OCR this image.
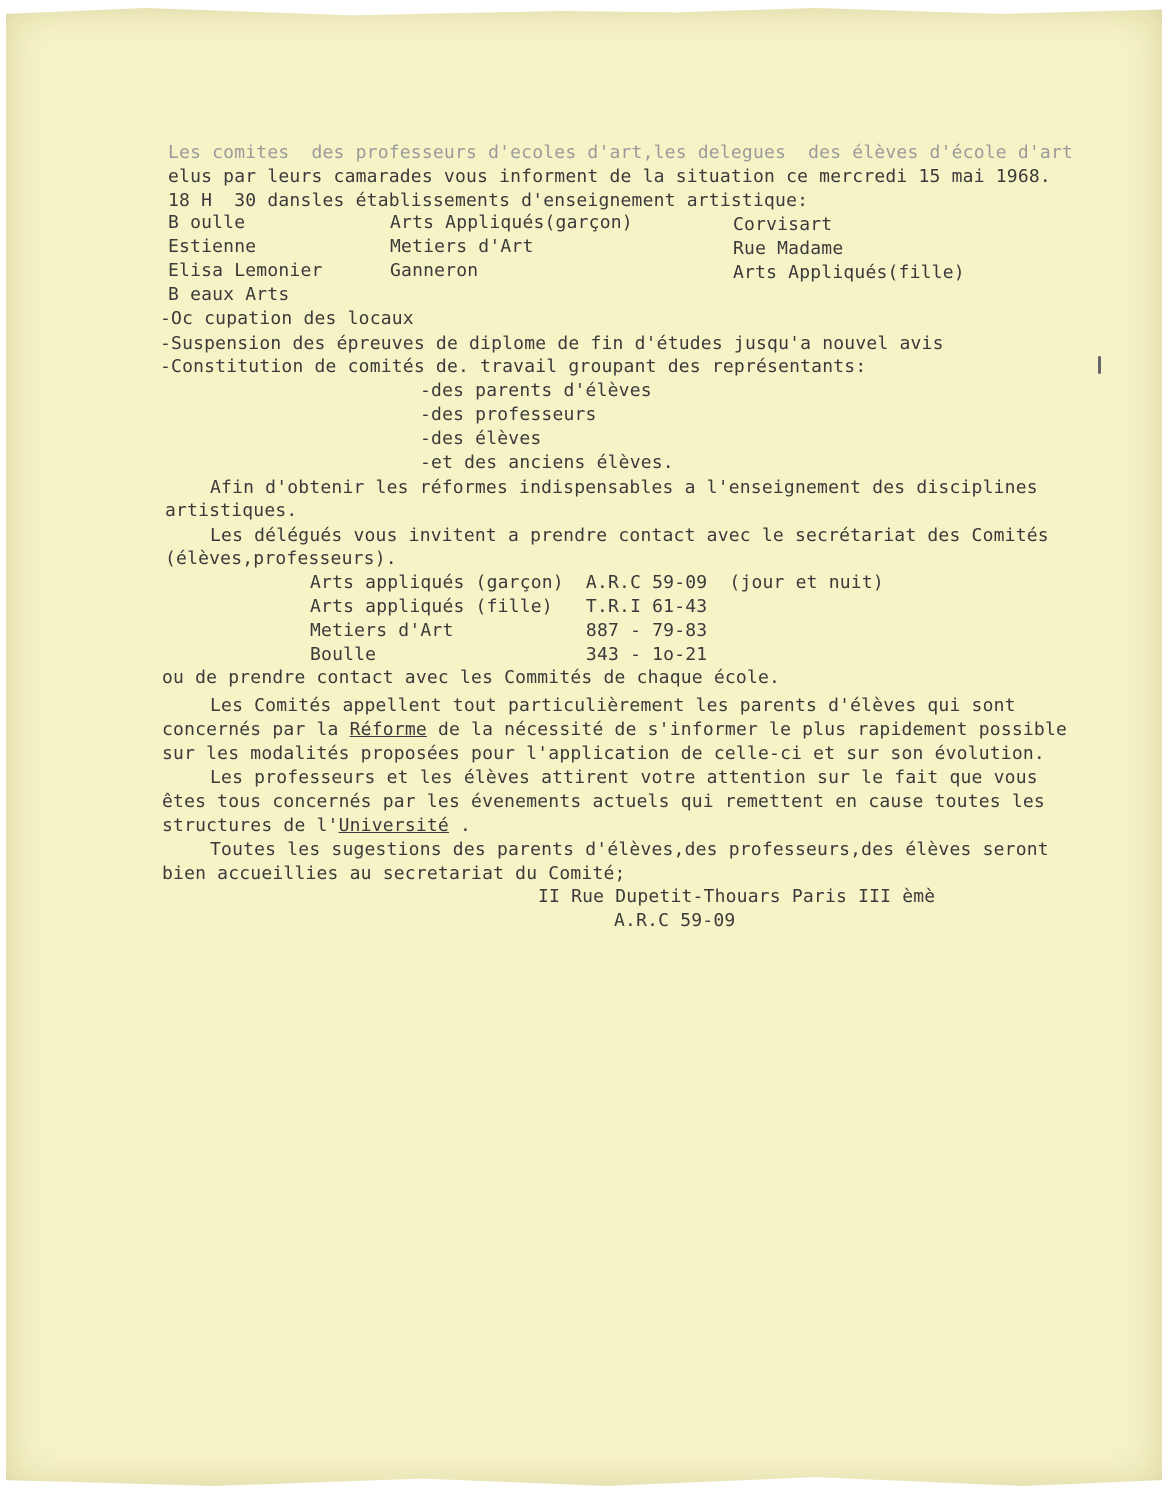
Les comites  des professeurs d'ecoles d'art,les delegues  des élèves d'école d'art
elus par leurs camarades vous informent de la situation ce mercredi 15 mai 1968.
18 H  30 dansles établissements d'enseignement artistique:
B oulle	Arts Appliqués(garçon)	Corvisart
Estienne	Metiers d'Art	Rue Madame
Elisa Lemonier	Ganneron	Arts Appliqués(fille)
B eaux Arts
-Oc cupation des locaux
-Suspension des épreuves de diplome de fin d'études jusqu'a nouvel avis
-Constitution de comités de. travail groupant des représentants:
-des parents d'élèves
-des professeurs
-des élèves
-et des anciens élèves.
Afin d'obtenir les réformes indispensables a l'enseignement des disciplines
artistiques.
Les délégués vous invitent a prendre contact avec le secrétariat des Comités
(élèves,professeurs).
Arts appliqués (garçon)  A.R.C 59-09  (jour et nuit)
Arts appliqués (fille)   T.R.I 61-43
Metiers d'Art            887 - 79-83
Boulle                   343 - 1o-21
ou de prendre contact avec les Commités de chaque école.
Les Comités appellent tout particulièrement les parents d'élèves qui sont
concernés par la Réforme de la nécessité de s'informer le plus rapidement possible
sur les modalités proposées pour l'application de celle-ci et sur son évolution.
Les professeurs et les élèves attirent votre attention sur le fait que vous
êtes tous concernés par les évenements actuels qui remettent en cause toutes les
structures de l'Université .
Toutes les sugestions des parents d'élèves,des professeurs,des élèves seront
bien accueillies au secretariat du Comité;
II Rue Dupetit-Thouars Paris III èmè
A.R.C 59-09
